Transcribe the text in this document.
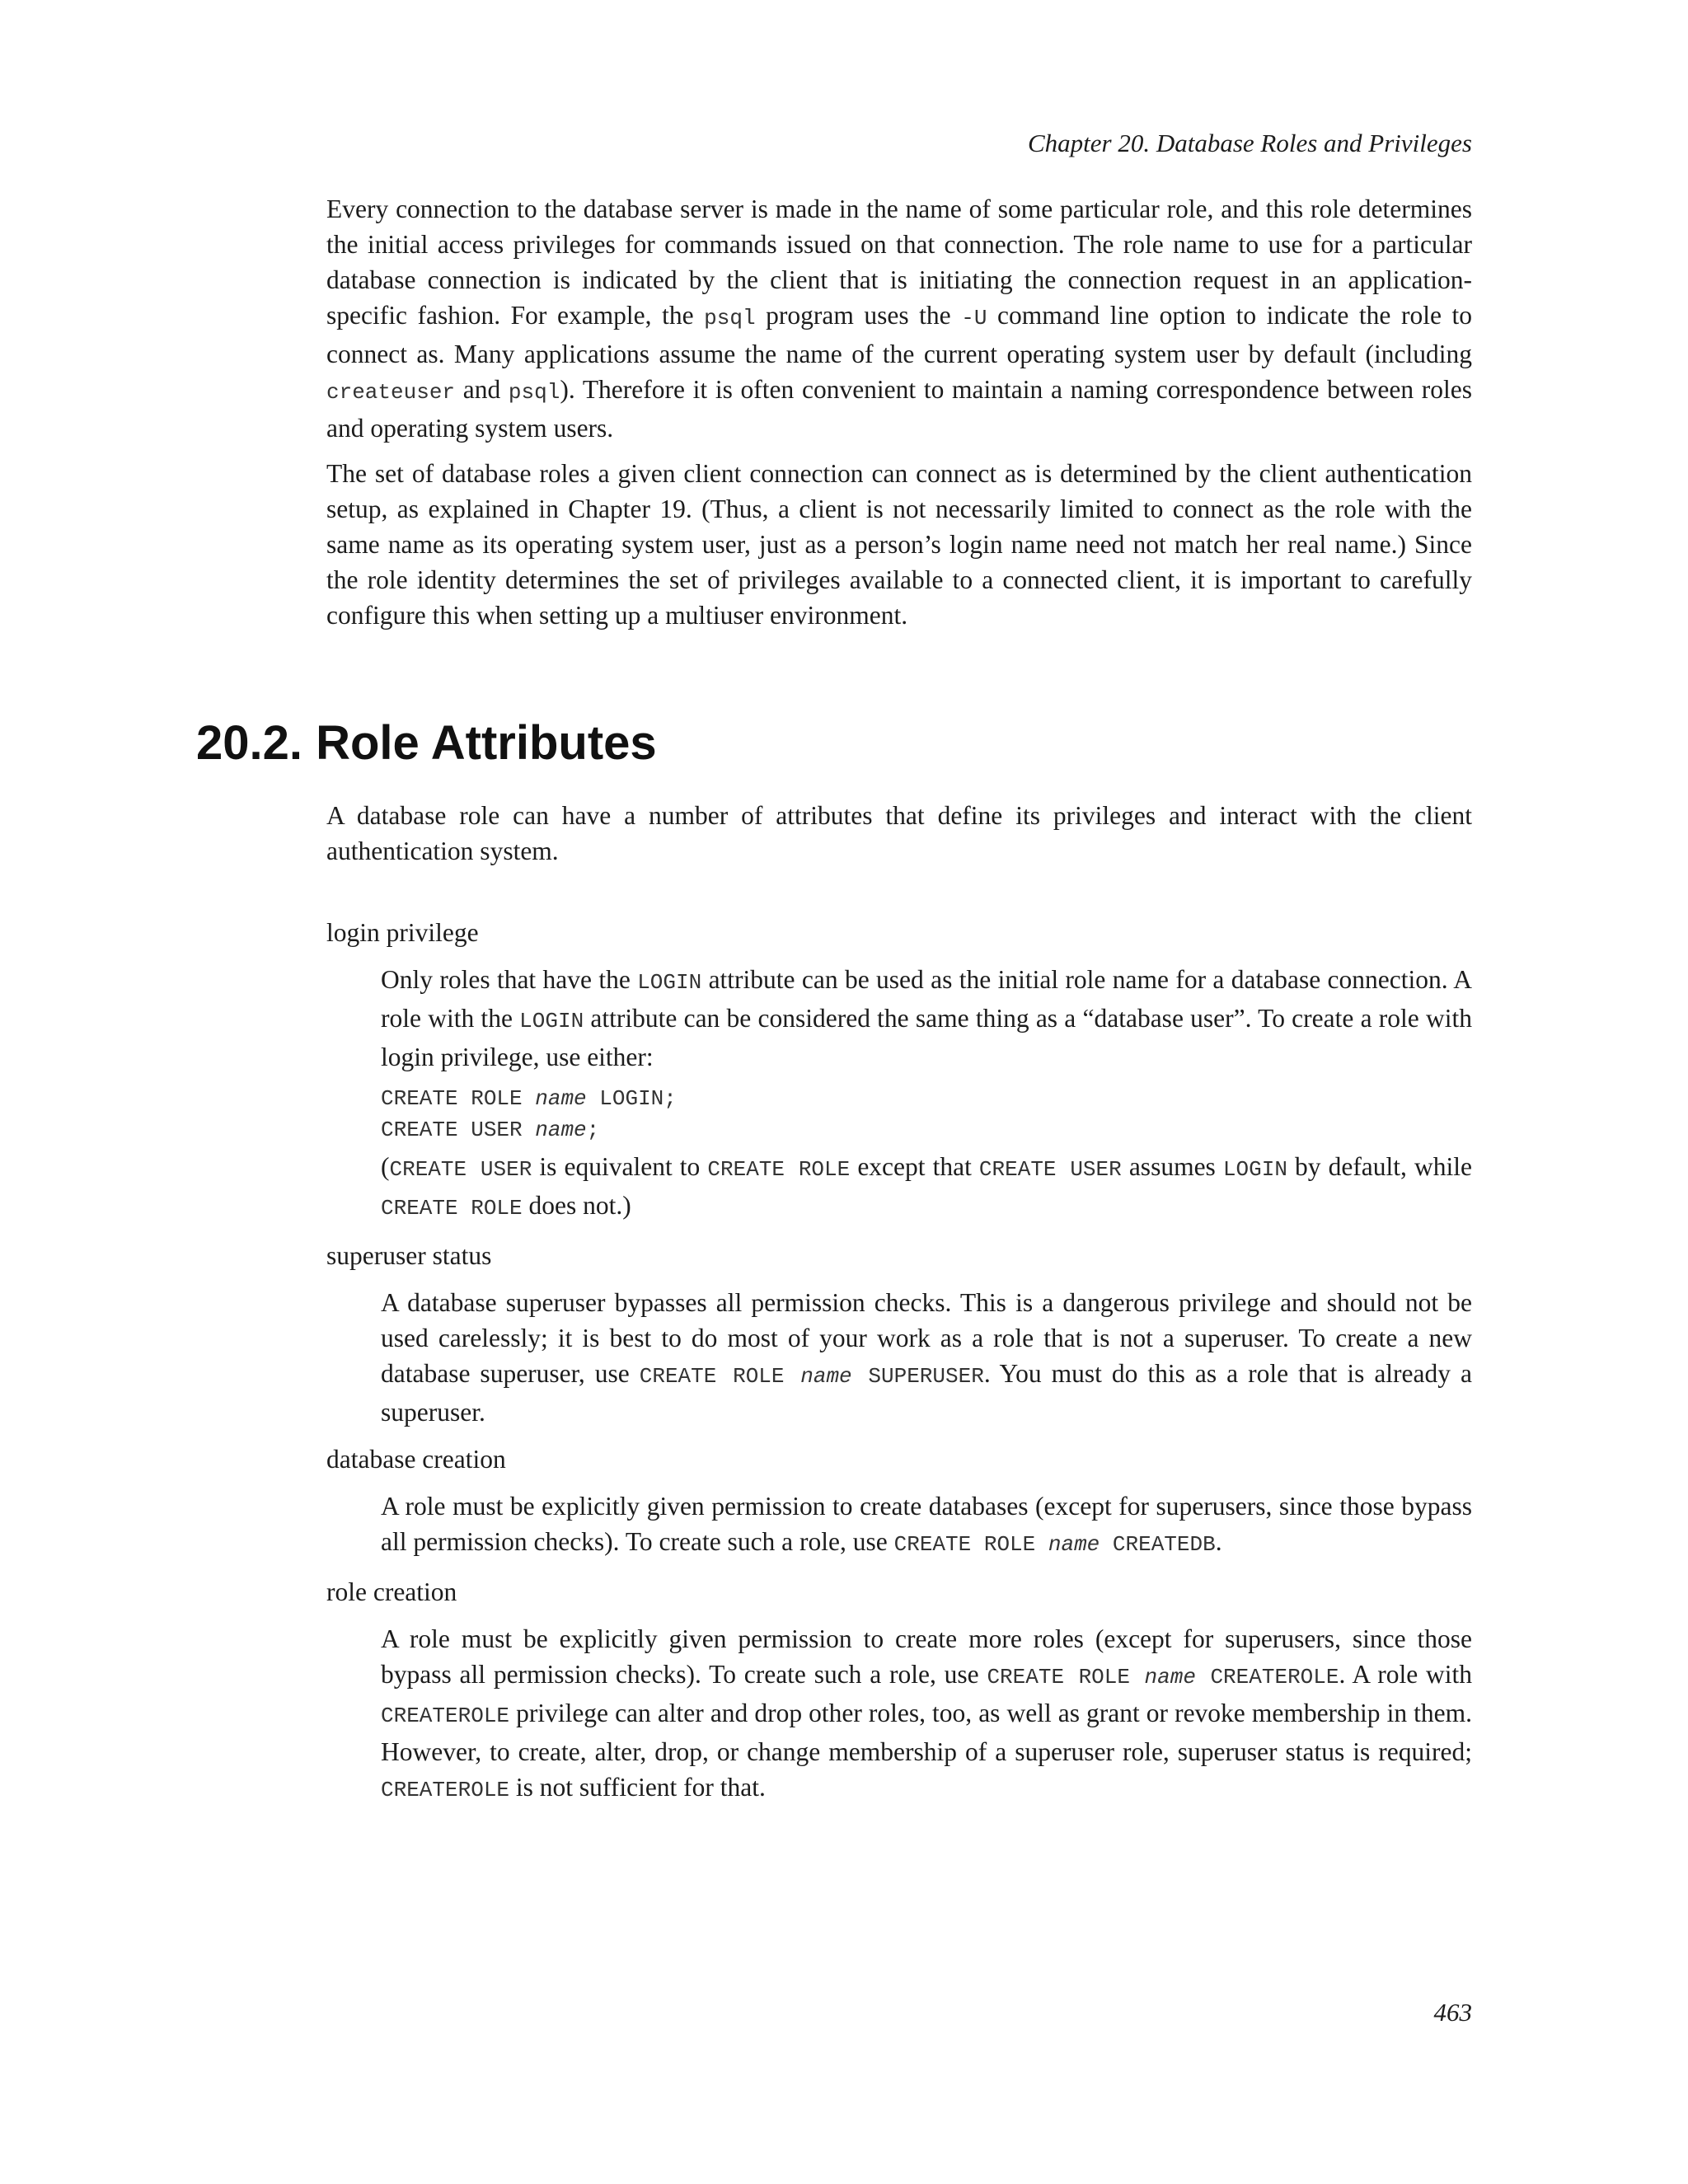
Chapter 20. Database Roles and Privileges

Every connection to the database server is made in the name of some particular role, and this role determines the initial access privileges for commands issued on that connection. The role name to use for a particular database connection is indicated by the client that is initiating the connection request in an application-specific fashion. For example, the psql program uses the -U command line option to indicate the role to connect as. Many applications assume the name of the current operating system user by default (including createuser and psql). Therefore it is often convenient to maintain a naming correspondence between roles and operating system users.

The set of database roles a given client connection can connect as is determined by the client authentication setup, as explained in Chapter 19. (Thus, a client is not necessarily limited to connect as the role with the same name as its operating system user, just as a person’s login name need not match her real name.) Since the role identity determines the set of privileges available to a connected client, it is important to carefully configure this when setting up a multiuser environment.

20.2. Role Attributes

A database role can have a number of attributes that define its privileges and interact with the client authentication system.

login privilege

Only roles that have the LOGIN attribute can be used as the initial role name for a database connection. A role with the LOGIN attribute can be considered the same thing as a “database user”. To create a role with login privilege, use either:

CREATE ROLE name LOGIN;
CREATE USER name;

(CREATE USER is equivalent to CREATE ROLE except that CREATE USER assumes LOGIN by default, while CREATE ROLE does not.)

superuser status

A database superuser bypasses all permission checks. This is a dangerous privilege and should not be used carelessly; it is best to do most of your work as a role that is not a superuser. To create a new database superuser, use CREATE ROLE name SUPERUSER. You must do this as a role that is already a superuser.

database creation

A role must be explicitly given permission to create databases (except for superusers, since those bypass all permission checks). To create such a role, use CREATE ROLE name CREATEDB.

role creation

A role must be explicitly given permission to create more roles (except for superusers, since those bypass all permission checks). To create such a role, use CREATE ROLE name CREATEROLE. A role with CREATEROLE privilege can alter and drop other roles, too, as well as grant or revoke membership in them. However, to create, alter, drop, or change membership of a superuser role, superuser status is required; CREATEROLE is not sufficient for that.

463
